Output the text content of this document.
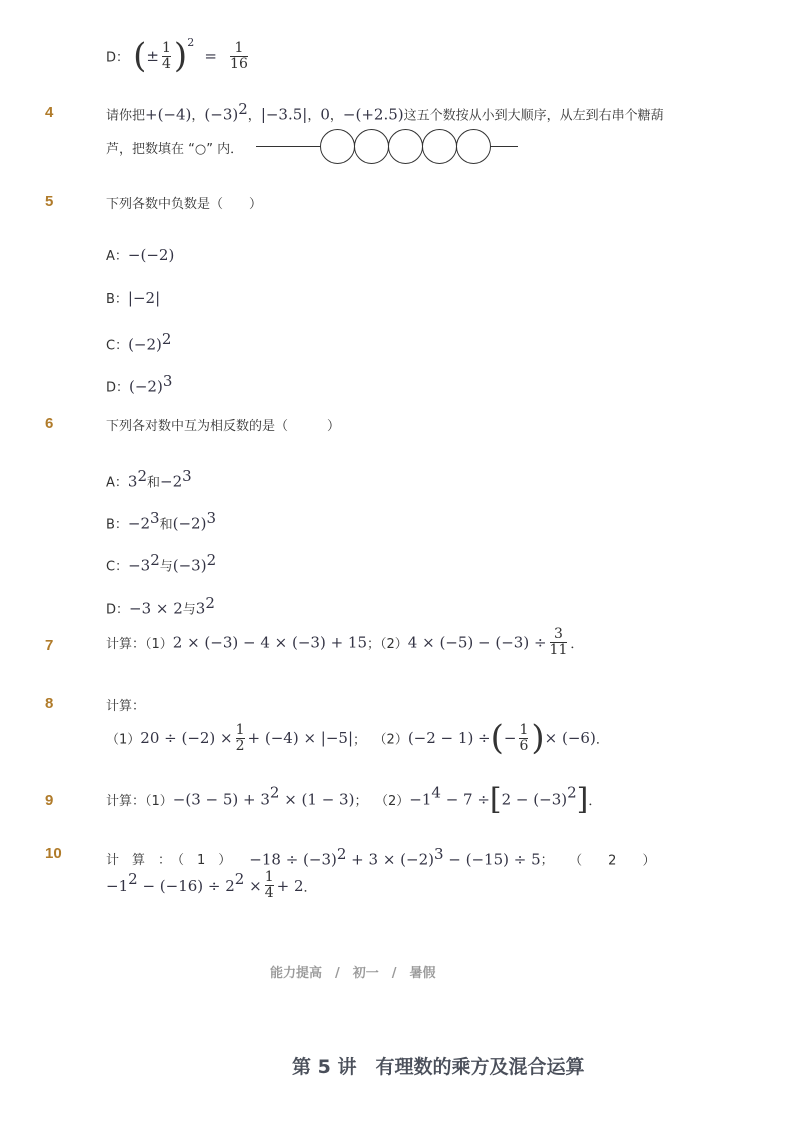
D： (± $\frac{1}{4} )^2 = \frac{1}{16}$
4	请你把+(−4)，$(-3)^2$，|−3.5|，0，−(+2.5)这五个数按从小到大顺序，从左到右串个糖葫
芦，把数填在 “○” 内．
5	下列各数中负数是（　　）
A：−(−2)
B：|−2|
C：$(-2)^2$
D：$(-2)^3$
6	下列各对数中互为相反数的是（　　　）
A：$3^2$和$-2^3$
B：$-2^3$和$(-2)^3$
C：$-3^2$与$(-3)^2$
D：−3 × 2与$3^2$
7	计算：（1）2 × (−3) − 4 × (−3) + 15；$(2)4 \times (-5) - (-3) \div \frac{3}{11}$ ．
8	计算：
$(1)20 \div (-2) \times \frac{1}{2} + (-4) \times |-5|$； （2）(−2 − 1) ÷(− $\frac{1}{6}$ )× (−6)．
9	计算：$(1)-(3 - 5) + 3^2 \times (1 - 3)$； $(2)-1^4 - 7 \div[2 - (-3)^2]$．
10	计　算　：　（　1　） $-18 \div (-3)^2 + 3 \times (-2)^3 - (-15) \div 5$； （　　2　　）
$-1^2 - (-16) \div 2^2 \times \frac{1}{4} + 2$．
能力提高　/　初一　/　暑假
第 5 讲　有理数的乘方及混合运算
